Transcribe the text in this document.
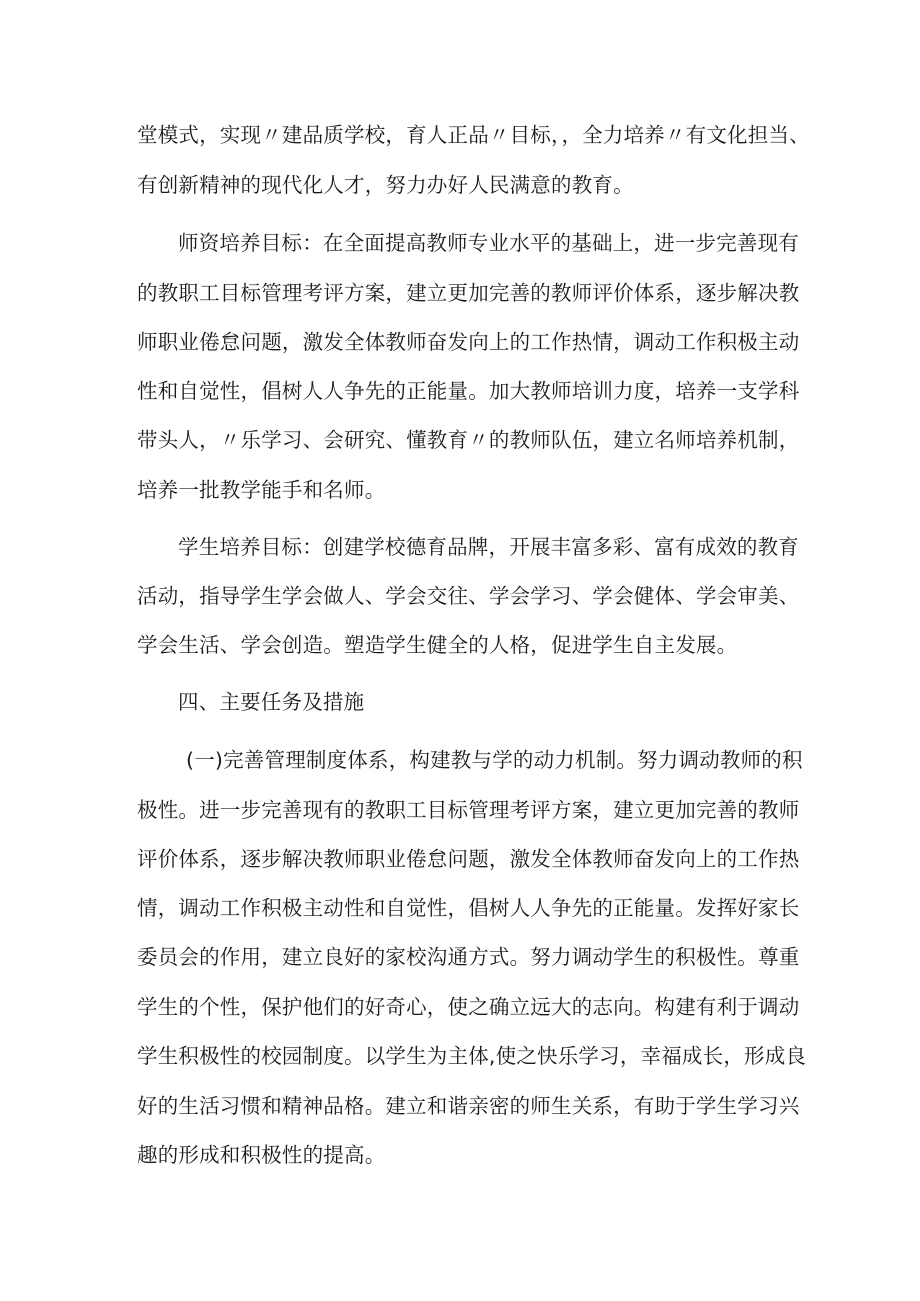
堂模式，实现〃建品质学校，育人正品〃目标，，全力培养〃有文化担当、

有创新精神的现代化人才，努力办好人民满意的教育。

师资培养目标：在全面提高教师专业水平的基础上，进一步完善现有

的教职工目标管理考评方案，建立更加完善的教师评价体系，逐步解决教

师职业倦怠问题，激发全体教师奋发向上的工作热情，调动工作积极主动

性和自觉性，倡树人人争先的正能量。加大教师培训力度，培养一支学科

带头人，〃乐学习、会研究、懂教育〃的教师队伍，建立名师培养机制，

培养一批教学能手和名师。

学生培养目标：创建学校德育品牌，开展丰富多彩、富有成效的教育

活动，指导学生学会做人、学会交往、学会学习、学会健体、学会审美、

学会生活、学会创造。塑造学生健全的人格，促进学生自主发展。

四、主要任务及措施

(一)完善管理制度体系，构建教与学的动力机制。努力调动教师的积

极性。进一步完善现有的教职工目标管理考评方案，建立更加完善的教师

评价体系，逐步解决教师职业倦怠问题，激发全体教师奋发向上的工作热

情，调动工作积极主动性和自觉性，倡树人人争先的正能量。发挥好家长

委员会的作用，建立良好的家校沟通方式。努力调动学生的积极性。尊重

学生的个性，保护他们的好奇心，使之确立远大的志向。构建有利于调动

学生积极性的校园制度。以学生为主体,使之快乐学习，幸福成长，形成良

好的生活习惯和精神品格。建立和谐亲密的师生关系，有助于学生学习兴

趣的形成和积极性的提高。
